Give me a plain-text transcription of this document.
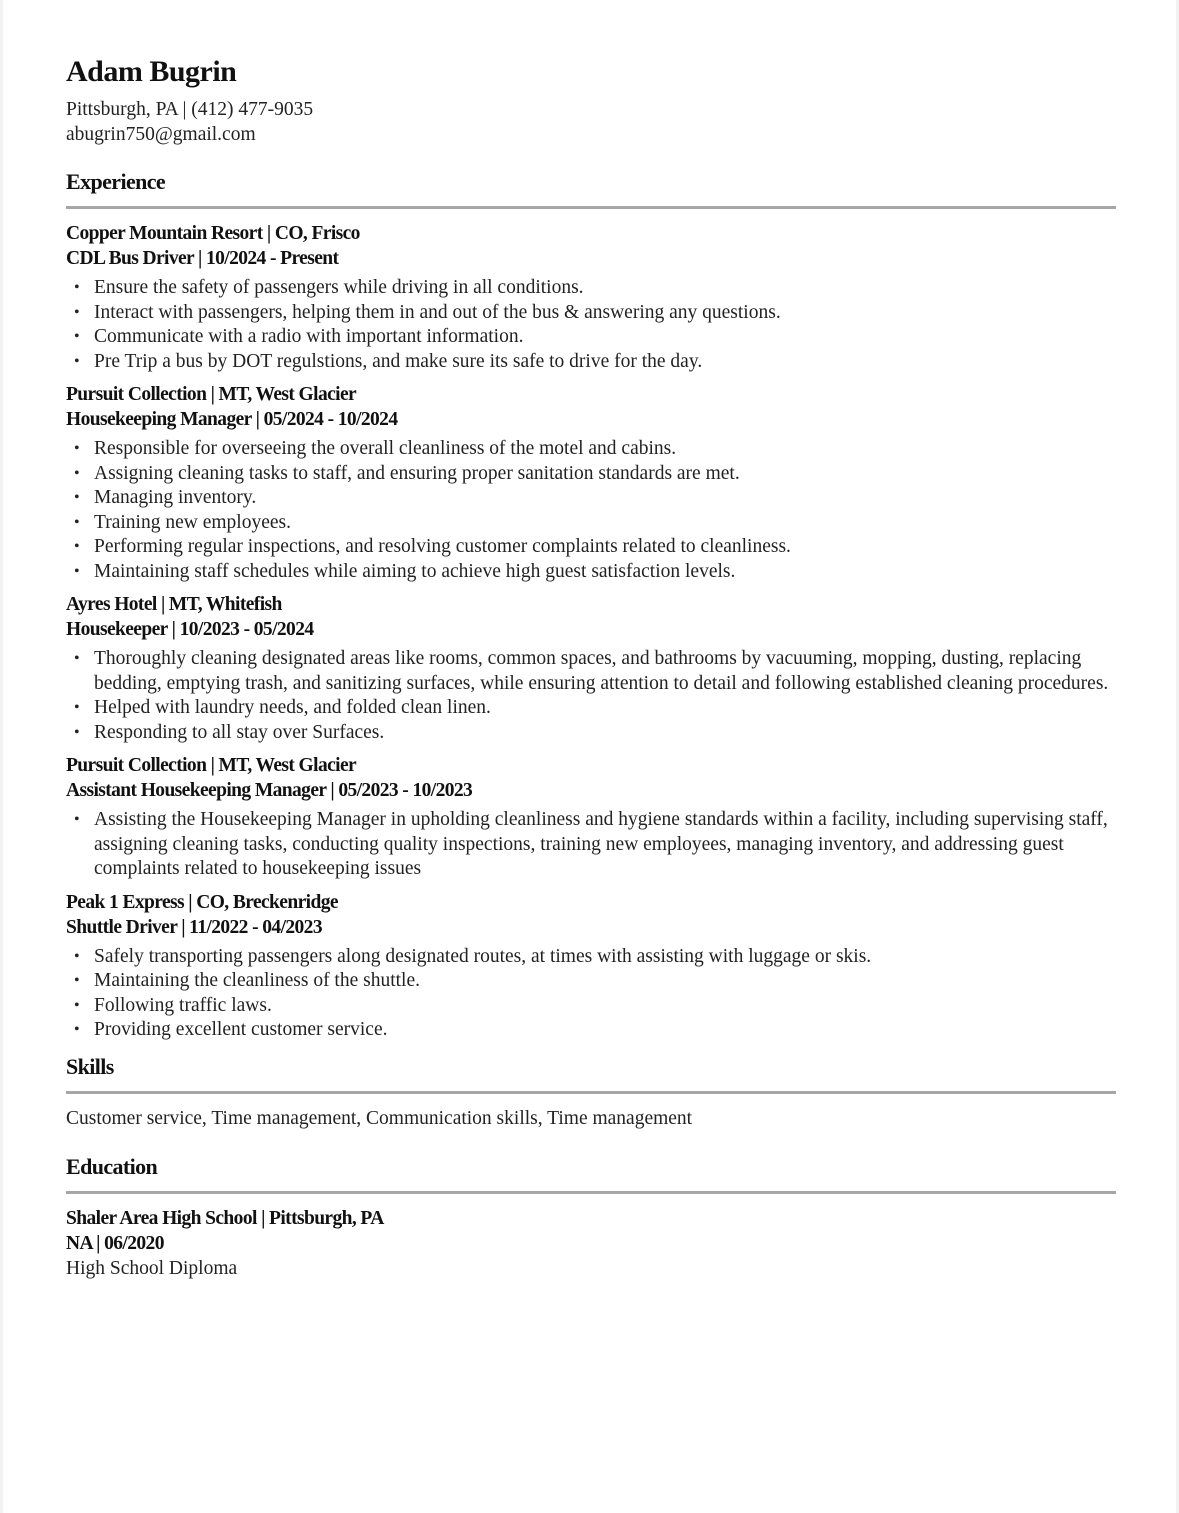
Adam Bugrin
Pittsburgh, PA | (412) 477-9035
abugrin750@gmail.com
Experience
Copper Mountain Resort | CO, Frisco
CDL Bus Driver | 10/2024 - Present
• Ensure the safety of passengers while driving in all conditions.
• Interact with passengers, helping them in and out of the bus & answering any questions.
• Communicate with a radio with important information.
• Pre Trip a bus by DOT regulstions, and make sure its safe to drive for the day.
Pursuit Collection | MT, West Glacier
Housekeeping Manager | 05/2024 - 10/2024
• Responsible for overseeing the overall cleanliness of the motel and cabins.
• Assigning cleaning tasks to staff, and ensuring proper sanitation standards are met.
• Managing inventory.
• Training new employees.
• Performing regular inspections, and resolving customer complaints related to cleanliness.
• Maintaining staff schedules while aiming to achieve high guest satisfaction levels.
Ayres Hotel | MT, Whitefish
Housekeeper | 10/2023 - 05/2024
• Thoroughly cleaning designated areas like rooms, common spaces, and bathrooms by vacuuming, mopping, dusting, replacing bedding, emptying trash, and sanitizing surfaces, while ensuring attention to detail and following established cleaning procedures.
• Helped with laundry needs, and folded clean linen.
• Responding to all stay over Surfaces.
Pursuit Collection | MT, West Glacier
Assistant Housekeeping Manager | 05/2023 - 10/2023
• Assisting the Housekeeping Manager in upholding cleanliness and hygiene standards within a facility, including supervising staff, assigning cleaning tasks, conducting quality inspections, training new employees, managing inventory, and addressing guest complaints related to housekeeping issues
Peak 1 Express | CO, Breckenridge
Shuttle Driver | 11/2022 - 04/2023
• Safely transporting passengers along designated routes, at times with assisting with luggage or skis.
• Maintaining the cleanliness of the shuttle.
• Following traffic laws.
• Providing excellent customer service.
Skills
Customer service, Time management, Communication skills, Time management
Education
Shaler Area High School | Pittsburgh, PA
NA | 06/2020
High School Diploma
